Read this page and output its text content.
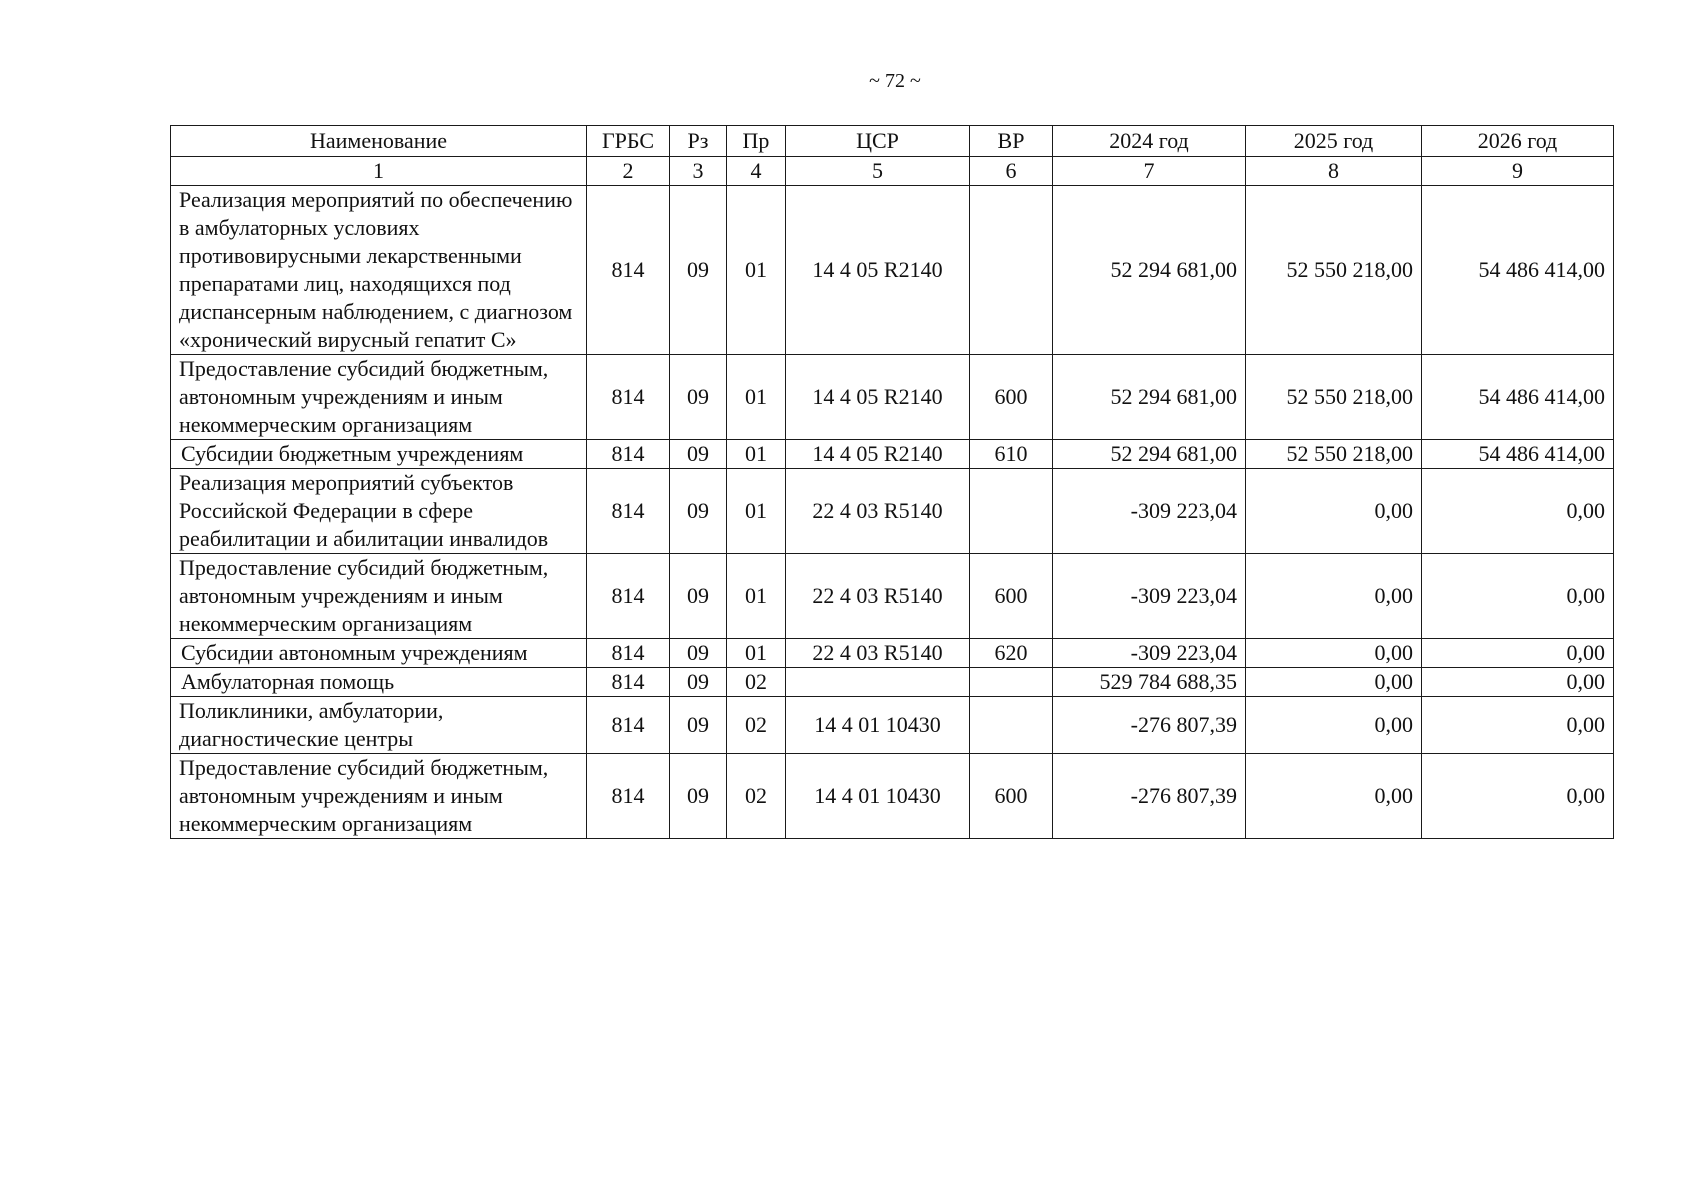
~ 72 ~
Наименование	ГРБС	Рз	Пр	ЦСР	ВР	2024 год	2025 год	2026 год
1	2	3	4	5	6	7	8	9
Реализация мероприятий по обеспечению в амбулаторных условиях противовирусными лекарственными препаратами лиц, находящихся под диспансерным наблюдением, с диагнозом «хронический вирусный гепатит С»	814	09	01	14 4 05 R2140		52 294 681,00	52 550 218,00	54 486 414,00
Предоставление субсидий бюджетным, автономным учреждениям и иным некоммерческим организациям	814	09	01	14 4 05 R2140	600	52 294 681,00	52 550 218,00	54 486 414,00
Субсидии бюджетным учреждениям	814	09	01	14 4 05 R2140	610	52 294 681,00	52 550 218,00	54 486 414,00
Реализация мероприятий субъектов Российской Федерации в сфере реабилитации и абилитации инвалидов	814	09	01	22 4 03 R5140		-309 223,04	0,00	0,00
Предоставление субсидий бюджетным, автономным учреждениям и иным некоммерческим организациям	814	09	01	22 4 03 R5140	600	-309 223,04	0,00	0,00
Субсидии автономным учреждениям	814	09	01	22 4 03 R5140	620	-309 223,04	0,00	0,00
Амбулаторная помощь	814	09	02			529 784 688,35	0,00	0,00
Поликлиники, амбулатории, диагностические центры	814	09	02	14 4 01 10430		-276 807,39	0,00	0,00
Предоставление субсидий бюджетным, автономным учреждениям и иным некоммерческим организациям	814	09	02	14 4 01 10430	600	-276 807,39	0,00	0,00
